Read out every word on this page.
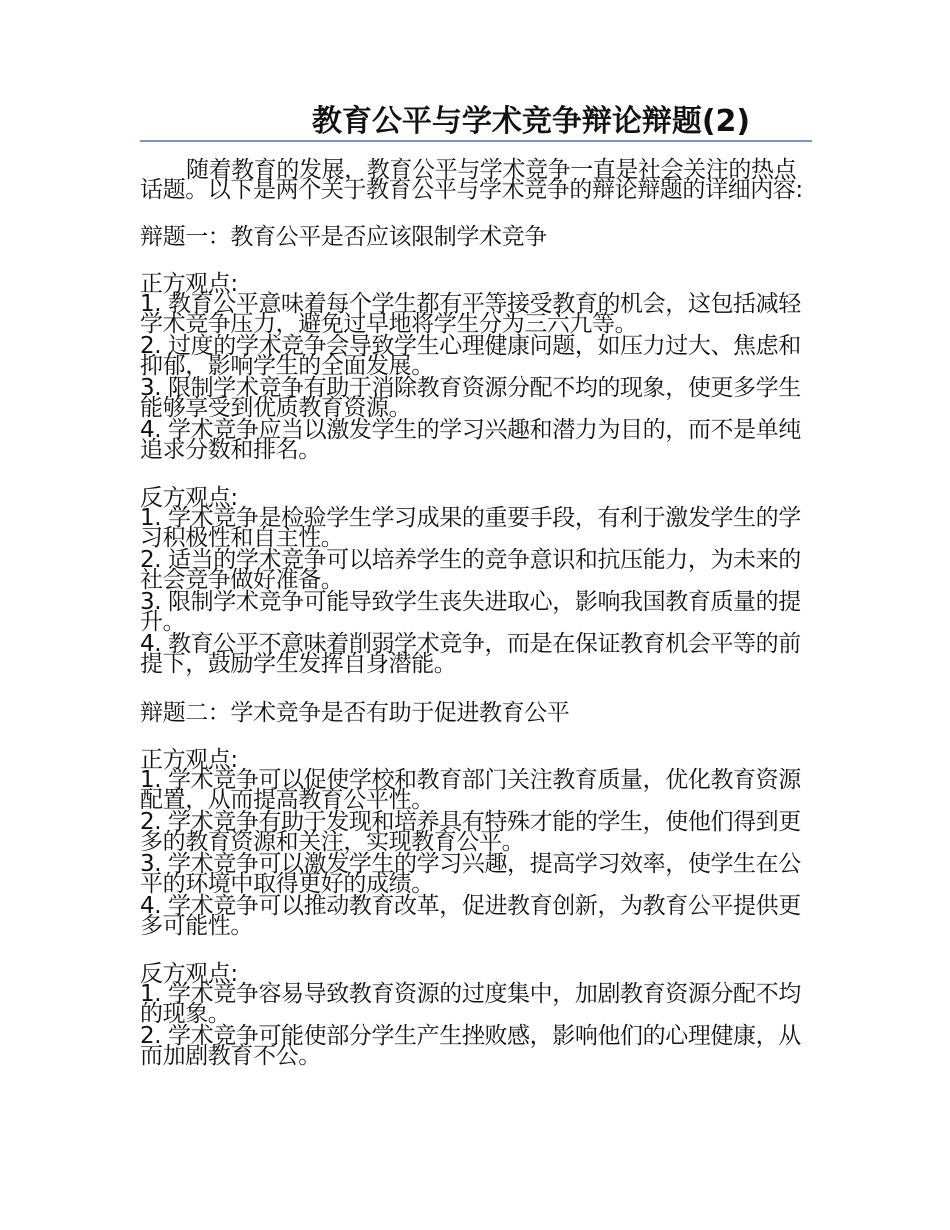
教育公平与学术竞争辩论辩题(2)

随着教育的发展，教育公平与学术竞争一直是社会关注的热点话题。以下是两个关于教育公平与学术竞争的辩论辩题的详细内容:

辩题一：教育公平是否应该限制学术竞争

正方观点:

1. 教育公平意味着每个学生都有平等接受教育的机会，这包括减轻学术竞争压力，避免过早地将学生分为三六九等。
2. 过度的学术竞争会导致学生心理健康问题，如压力过大、焦虑和抑郁，影响学生的全面发展。
3. 限制学术竞争有助于消除教育资源分配不均的现象，使更多学生能够享受到优质教育资源。
4. 学术竞争应当以激发学生的学习兴趣和潜力为目的，而不是单纯追求分数和排名。

反方观点:

1. 学术竞争是检验学生学习成果的重要手段，有利于激发学生的学习积极性和自主性。
2. 适当的学术竞争可以培养学生的竞争意识和抗压能力，为未来的社会竞争做好准备。
3. 限制学术竞争可能导致学生丧失进取心，影响我国教育质量的提升。
4. 教育公平不意味着削弱学术竞争，而是在保证教育机会平等的前提下，鼓励学生发挥自身潜能。

辩题二：学术竞争是否有助于促进教育公平

正方观点:

1. 学术竞争可以促使学校和教育部门关注教育质量，优化教育资源配置，从而提高教育公平性。
2. 学术竞争有助于发现和培养具有特殊才能的学生，使他们得到更多的教育资源和关注，实现教育公平。
3. 学术竞争可以激发学生的学习兴趣，提高学习效率，使学生在公平的环境中取得更好的成绩。
4. 学术竞争可以推动教育改革，促进教育创新，为教育公平提供更多可能性。

反方观点:

1. 学术竞争容易导致教育资源的过度集中，加剧教育资源分配不均的现象。
2. 学术竞争可能使部分学生产生挫败感，影响他们的心理健康，从而加剧教育不公。
